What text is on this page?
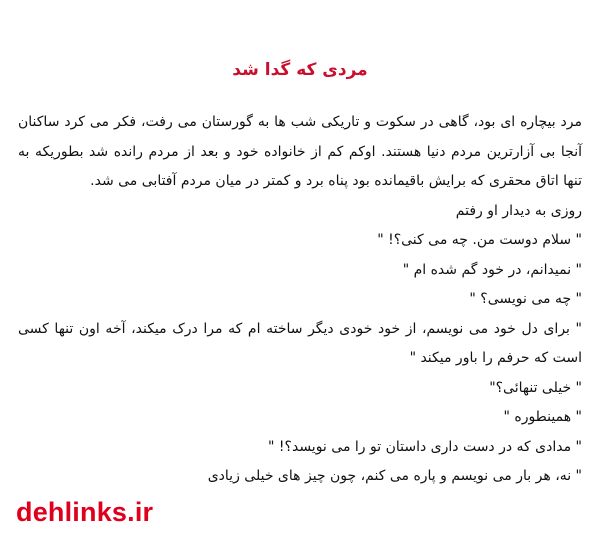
مردی که گدا شد

مرد بیچاره ای بود، گاهی در سکوت و تاریکی شب ها به گورستان می رفت، فکر می کرد ساکنان آنجا بی آزارترین مردم دنیا هستند. اوکم کم از خانواده خود و بعد از مردم رانده شد بطوریکه به تنها اتاق محقری که برایش باقیمانده بود پناه برد و کمتر در میان مردم آفتابی می شد.

روزی به دیدار او رفتم

" سلام دوست من. چه می کنی؟! "

" نمیدانم، در خود گم شده ام "

" چه می نویسی؟ "

" برای دل خود می نویسم، از خود خودی دیگر ساخته ام که مرا درک میکند، آخه اون تنها کسی است که حرفم را باور میکند "

" خیلی تنهائی؟"

" همینطوره "

" مدادی که در دست داری داستان تو را می نویسد؟! "

" نه، هر بار می نویسم و پاره می کنم، چون چیز های خیلی زیادی

dehlinks.ir
